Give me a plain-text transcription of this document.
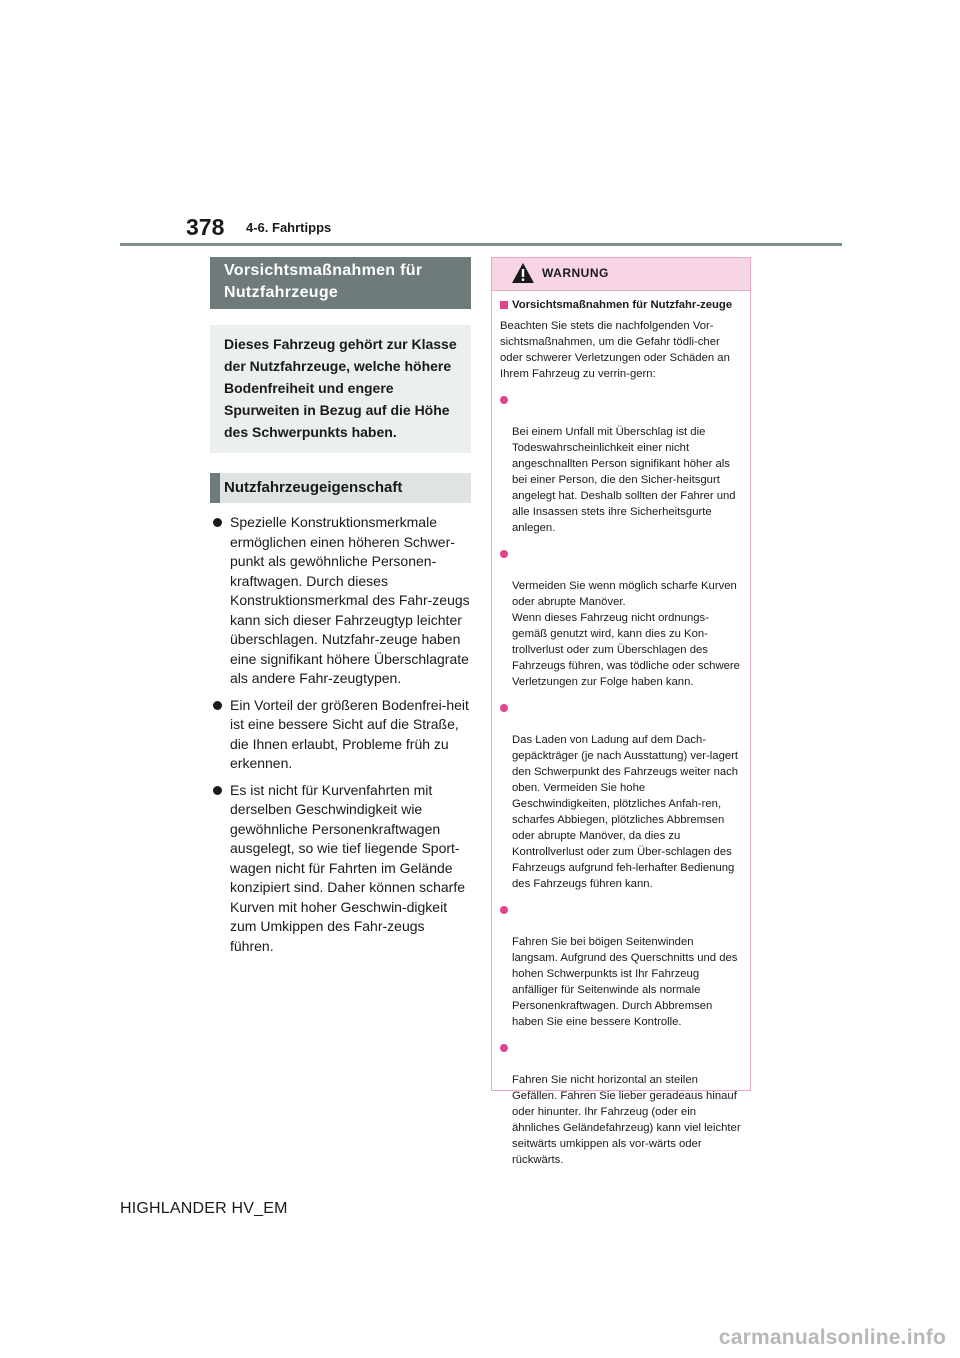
378 4-6. Fahrtipps
Vorsichtsmaßnahmen für Nutzfahrzeuge
Dieses Fahrzeug gehört zur Klasse der Nutzfahrzeuge, welche höhere Bodenfreiheit und engere Spurweiten in Bezug auf die Höhe des Schwerpunkts haben.
Nutzfahrzeugeigenschaft
Spezielle Konstruktionsmerkmale ermöglichen einen höheren Schwer-punkt als gewöhnliche Personen-kraftwagen. Durch dieses Konstruktionsmerkmal des Fahr-zeugs kann sich dieser Fahrzeugtyp leichter überschlagen. Nutzfahr-zeuge haben eine signifikant höhere Überschlagrate als andere Fahr-zeugtypen.
Ein Vorteil der größeren Bodenfrei-heit ist eine bessere Sicht auf die Straße, die Ihnen erlaubt, Probleme früh zu erkennen.
Es ist nicht für Kurvenfahrten mit derselben Geschwindigkeit wie gewöhnliche Personenkraftwagen ausgelegt, so wie tief liegende Sport-wagen nicht für Fahrten im Gelände konzipiert sind. Daher können scharfe Kurven mit hoher Geschwin-digkeit zum Umkippen des Fahr-zeugs führen.
WARNUNG
Vorsichtsmaßnahmen für Nutzfahr-zeuge
Beachten Sie stets die nachfolgenden Vor-sichtsmaßnahmen, um die Gefahr tödli-cher oder schwerer Verletzungen oder Schäden an Ihrem Fahrzeug zu verrin-gern:

Bei einem Unfall mit Überschlag ist die Todeswahrscheinlichkeit einer nicht angeschnallten Person signifikant höher als bei einer Person, die den Sicher-heitsgurt angelegt hat. Deshalb sollten der Fahrer und alle Insassen stets ihre Sicherheitsgurte anlegen.

Vermeiden Sie wenn möglich scharfe Kurven oder abrupte Manöver.
Wenn dieses Fahrzeug nicht ordnungs-gemäß genutzt wird, kann dies zu Kon-trollverlust oder zum Überschlagen des Fahrzeugs führen, was tödliche oder schwere Verletzungen zur Folge haben kann.

Das Laden von Ladung auf dem Dach-gepäckträger (je nach Ausstattung) ver-lagert den Schwerpunkt des Fahrzeugs weiter nach oben. Vermeiden Sie hohe Geschwindigkeiten, plötzliches Anfah-ren, scharfes Abbiegen, plötzliches Abbremsen oder abrupte Manöver, da dies zu Kontrollverlust oder zum Über-schlagen des Fahrzeugs aufgrund feh-lerhafter Bedienung des Fahrzeugs führen kann.

Fahren Sie bei böigen Seitenwinden langsam. Aufgrund des Querschnitts und des hohen Schwerpunkts ist Ihr Fahrzeug anfälliger für Seitenwinde als normale Personenkraftwagen. Durch Abbremsen haben Sie eine bessere Kontrolle.

Fahren Sie nicht horizontal an steilen Gefällen. Fahren Sie lieber geradeaus hinauf oder hinunter. Ihr Fahrzeug (oder ein ähnliches Geländefahrzeug) kann viel leichter seitwärts umkippen als vor-wärts oder rückwärts.

HIGHLANDER HV_EM
carmanualsonline.info
